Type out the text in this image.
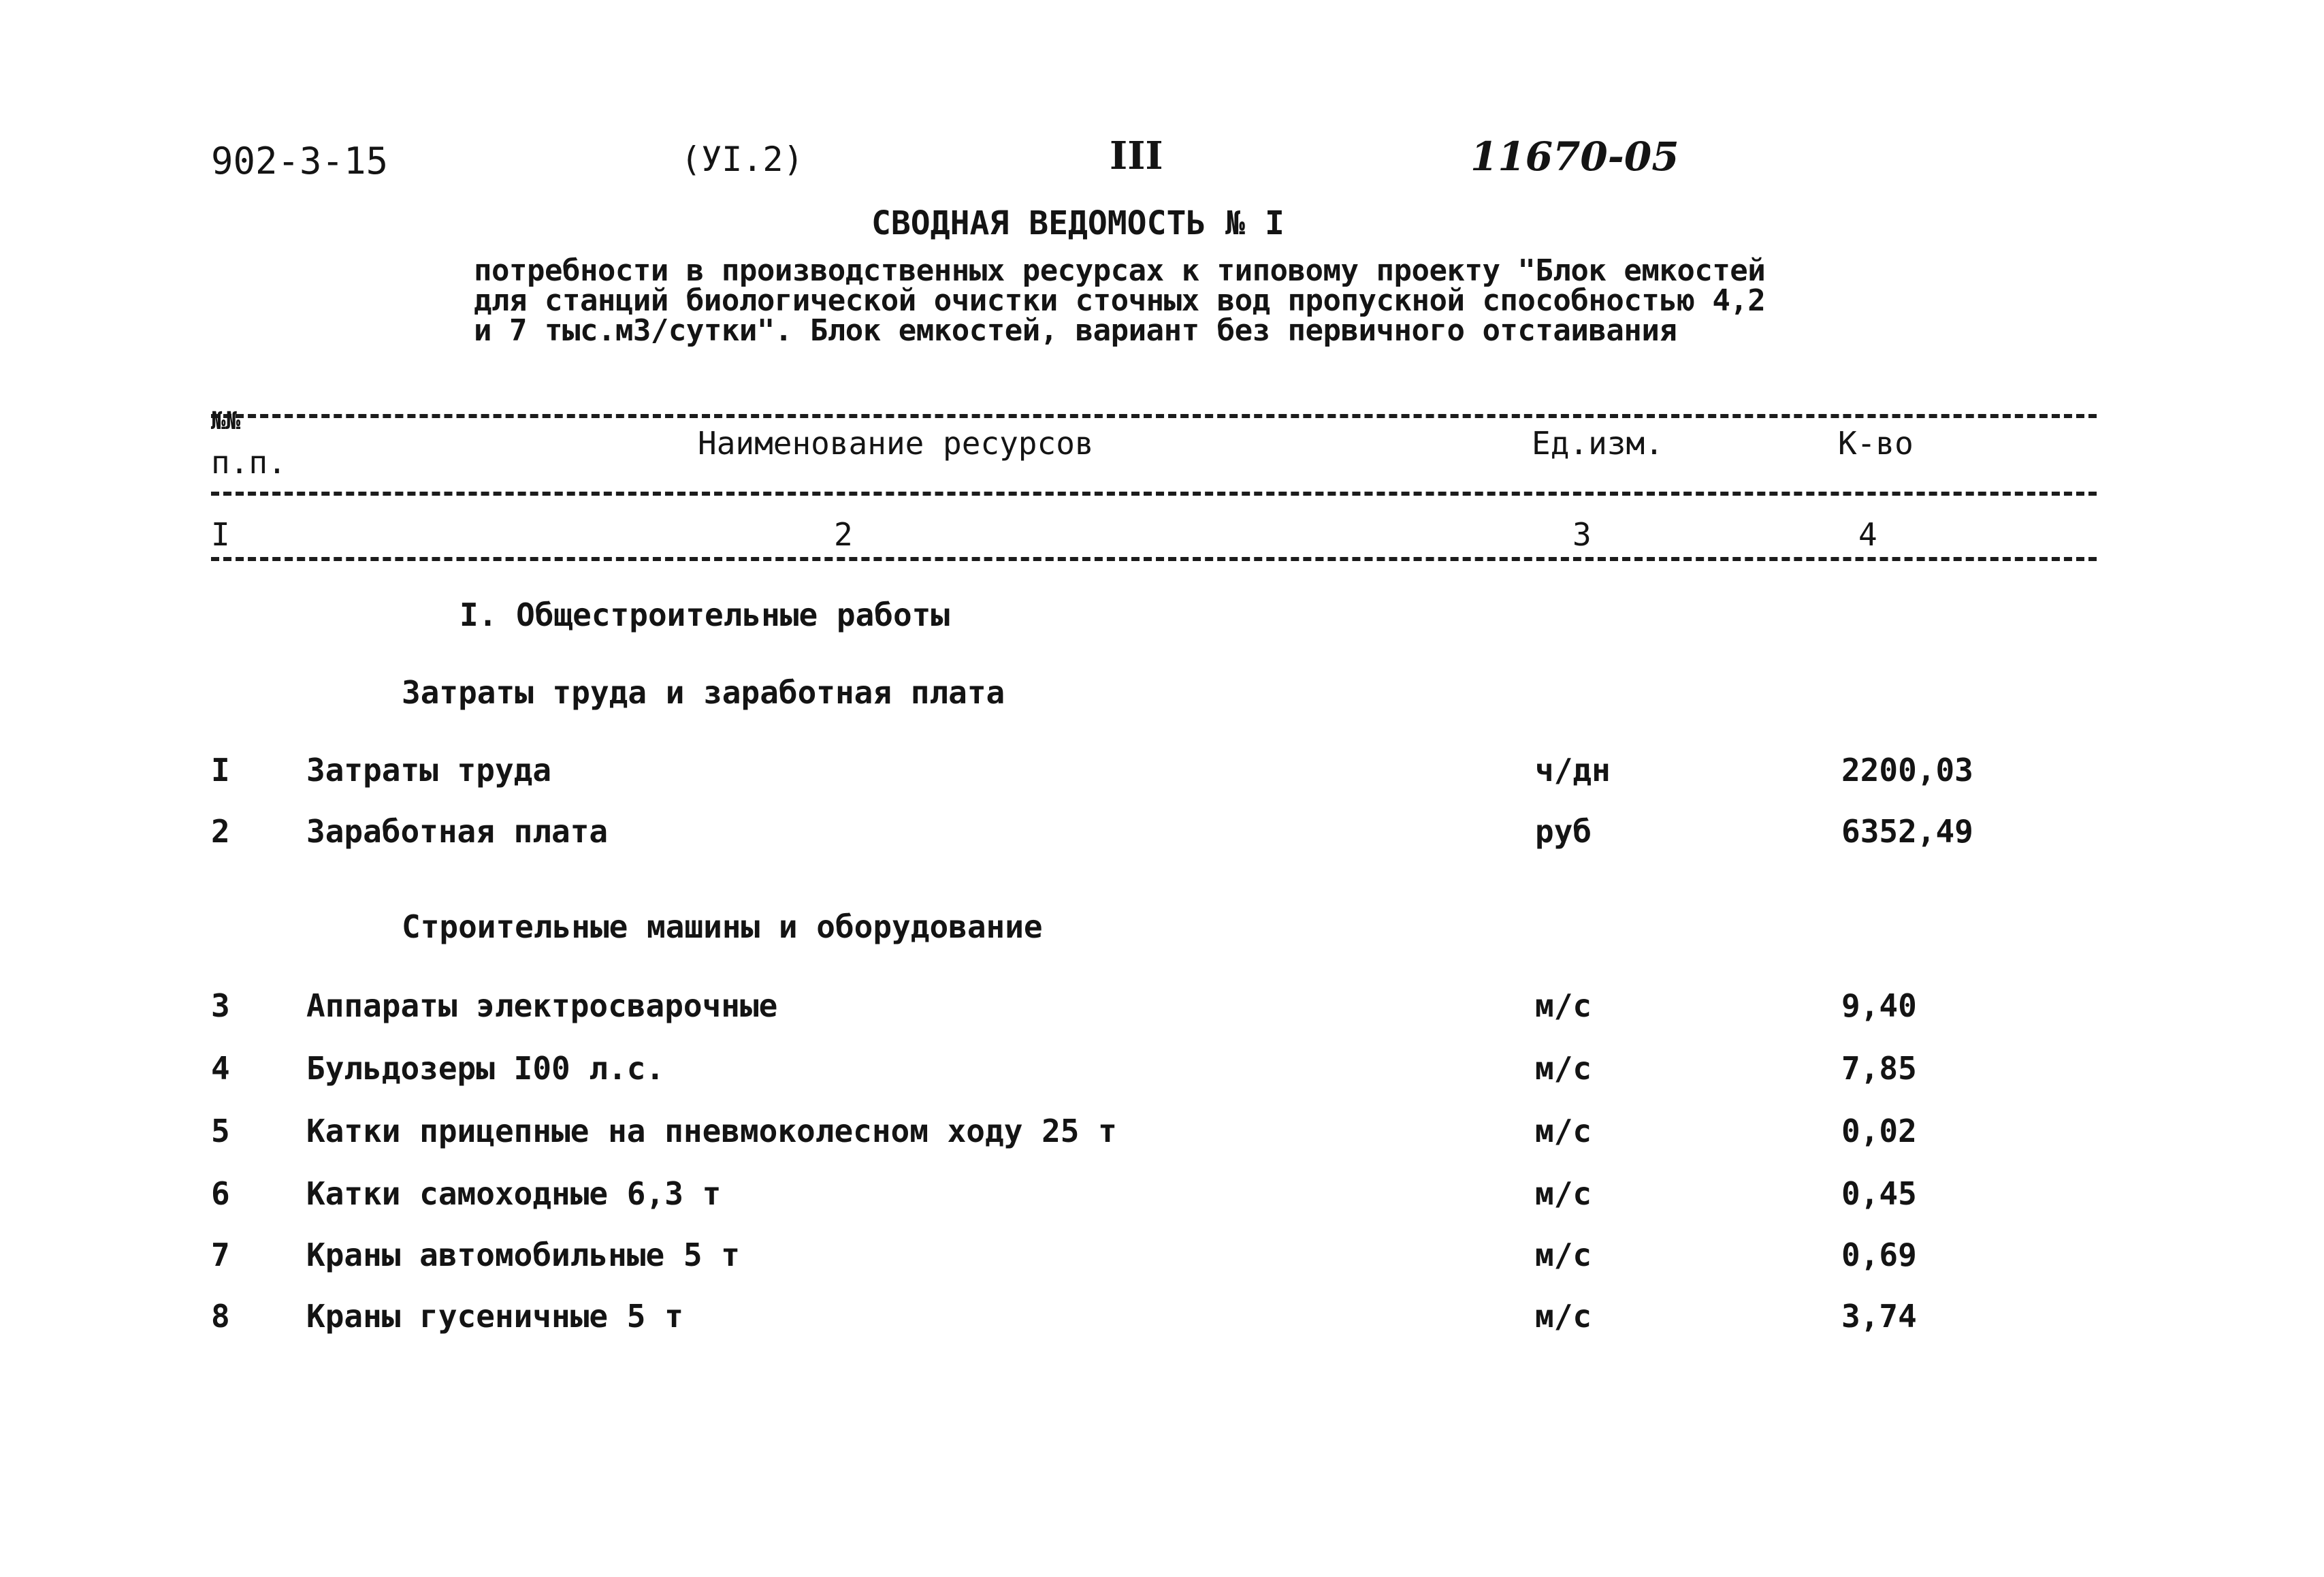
902-3-15	(УI.2)	III	11670-05
СВОДНАЯ ВЕДОМОСТЬ № I
потребности в производственных ресурсах к типовому проекту "Блок емкостей
для станций биологической очистки сточных вод пропускной способностью 4,2
и 7 тыс.м3/сутки". Блок емкостей, вариант без первичного отстаивания
№№
п.п.
Наименование ресурсов	Ед.изм.	К-во
I	2	3	4
I. Общестроительные работы
Затраты труда и заработная плата
I Затраты труда	ч/дн	2200,03
2 Заработная плата	руб	6352,49
Строительные машины и оборудование
3 Аппараты электросварочные	м/с	9,40
4 Бульдозеры I00 л.с.	м/с	7,85
5 Катки прицепные на пневмоколесном ходу 25 т	м/с	0,02
6 Катки самоходные 6,3 т	м/с	0,45
7 Краны автомобильные 5 т	м/с	0,69
8 Краны гусеничные 5 т	м/с	3,74
